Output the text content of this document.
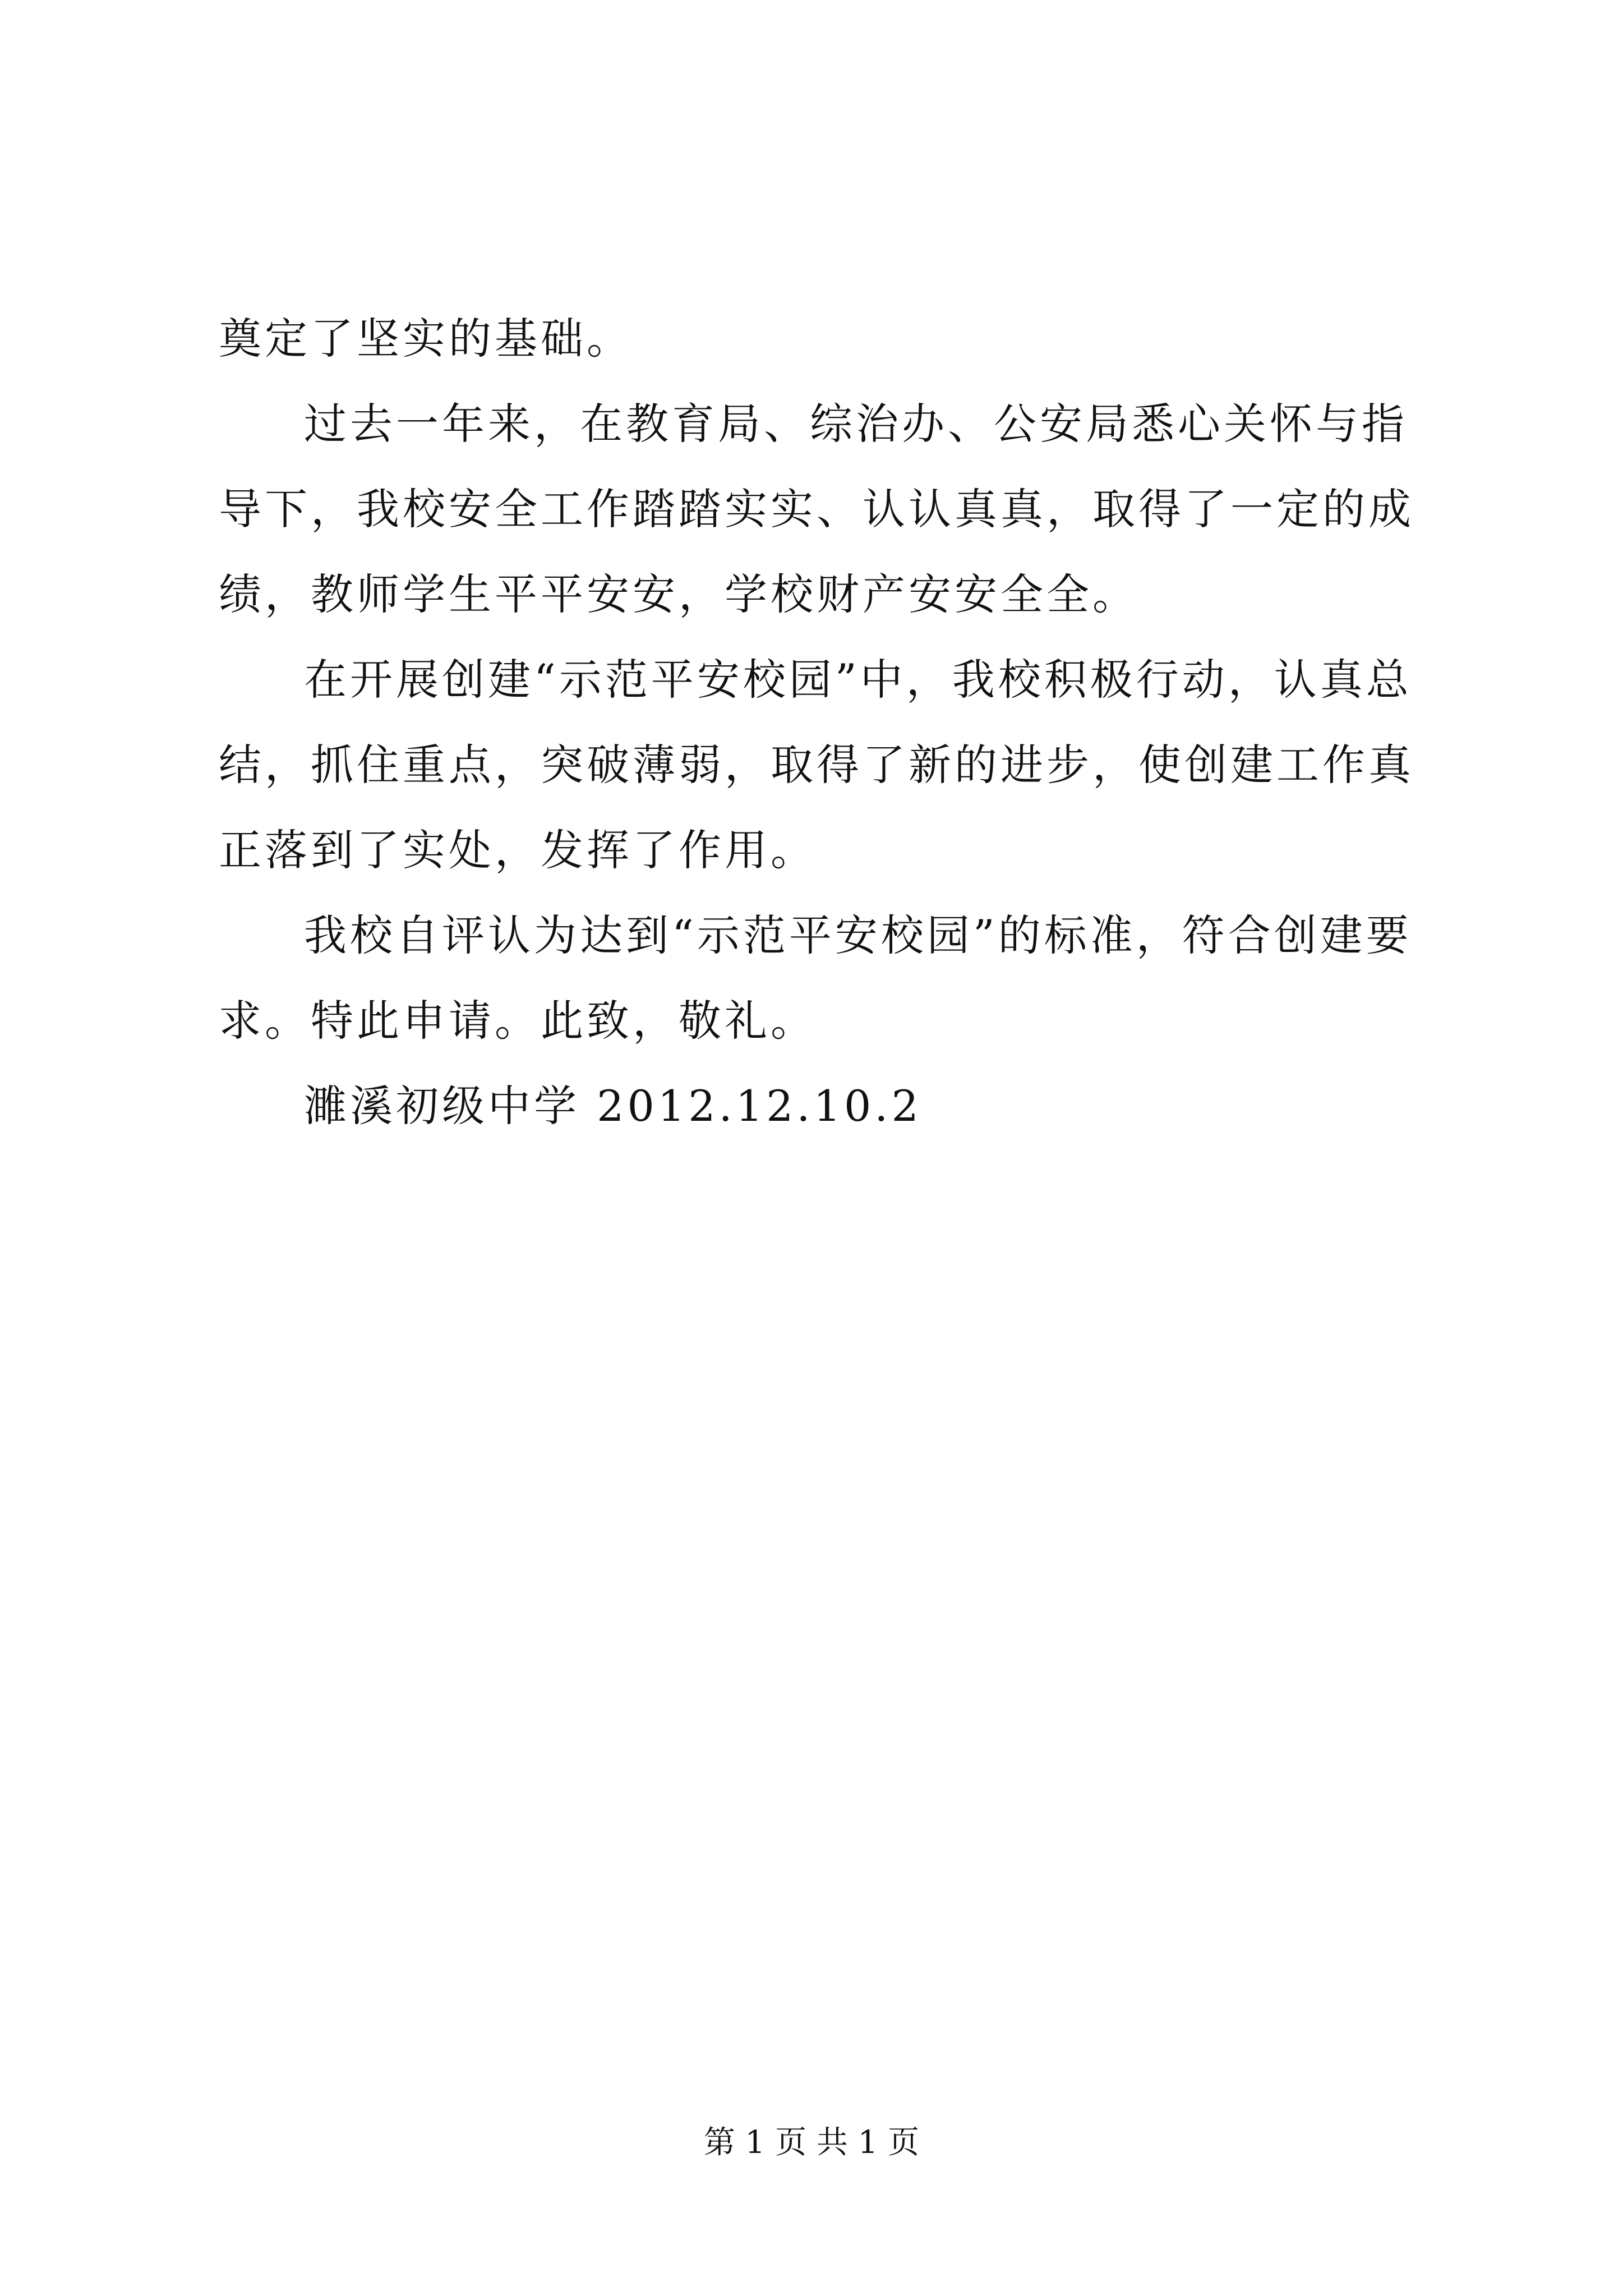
奠定了坚实的基础。

过去一年来，在教育局、综治办、公安局悉心关怀与指导下，我校安全工作踏踏实实、认认真真，取得了一定的成绩，教师学生平平安安，学校财产安安全全。

在开展创建“示范平安校园”中，我校积极行动，认真总结，抓住重点，突破薄弱，取得了新的进步，使创建工作真正落到了实处，发挥了作用。

我校自评认为达到“示范平安校园”的标准，符合创建要求。特此申请。此致，敬礼。

濉溪初级中学 2012.12.10.2

第 1 页 共 1 页
